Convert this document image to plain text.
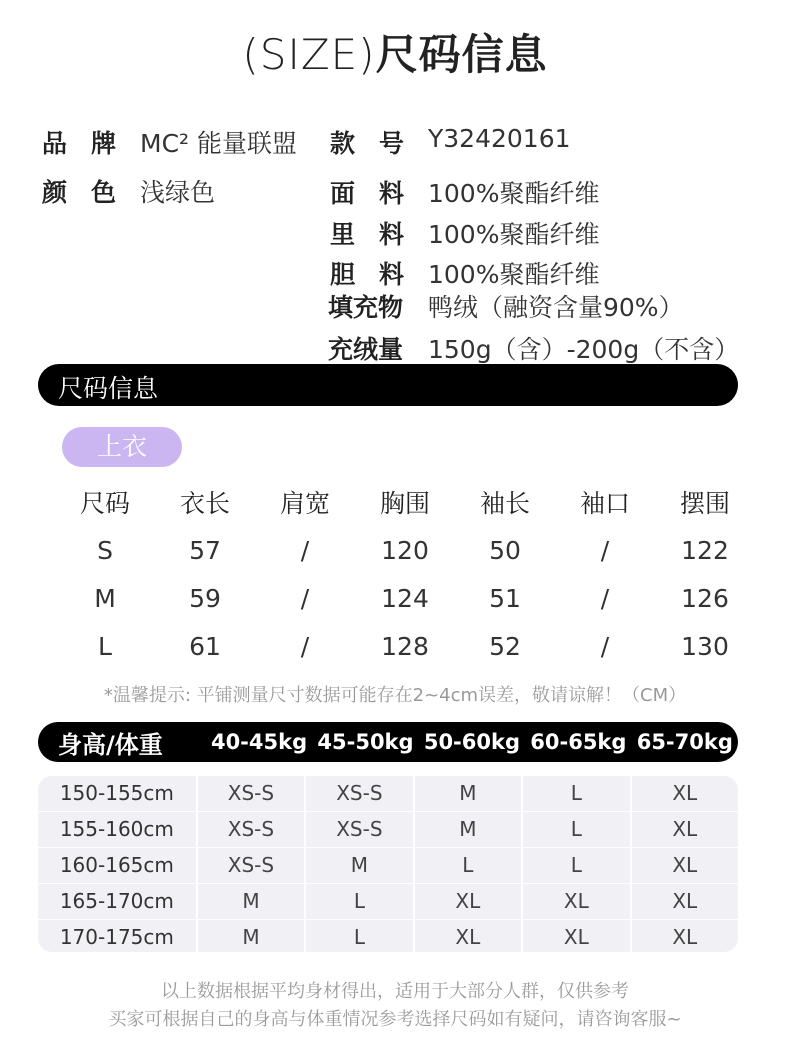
(SIZE)尺码信息
品 牌 MC² 能量联盟 款 号 Y32420161
颜 色 浅绿色	面 料 100%聚酯纤维
里 料 100%聚酯纤维
胆 料 100%聚酯纤维
填充物 鸭绒（融资含量90%）
充绒量 150g（含）-200g（不含）
尺码信息
上衣
尺码	衣长	肩宽	胸围	袖长	袖口	摆围
S	57	/	120	50	/	122
M	59	/	124	51	/	126
L	61	/	128	52	/	130
*温馨提示: 平铺测量尺寸数据可能存在2~4cm误差，敬请谅解！（CM）
身高/体重	40-45kg 45-50kg 50-60kg 60-65kg 65-70kg
150-155cm	XS-S	XS-S	M	L	XL
155-160cm	XS-S	XS-S	M	L	XL
160-165cm	XS-S	M	L	L	XL
165-170cm	M	L	XL	XL	XL
170-175cm	M	L	XL	XL	XL
以上数据根据平均身材得出，适用于大部分人群，仅供参考
买家可根据自己的身高与体重情况参考选择尺码如有疑问，请咨询客服~
